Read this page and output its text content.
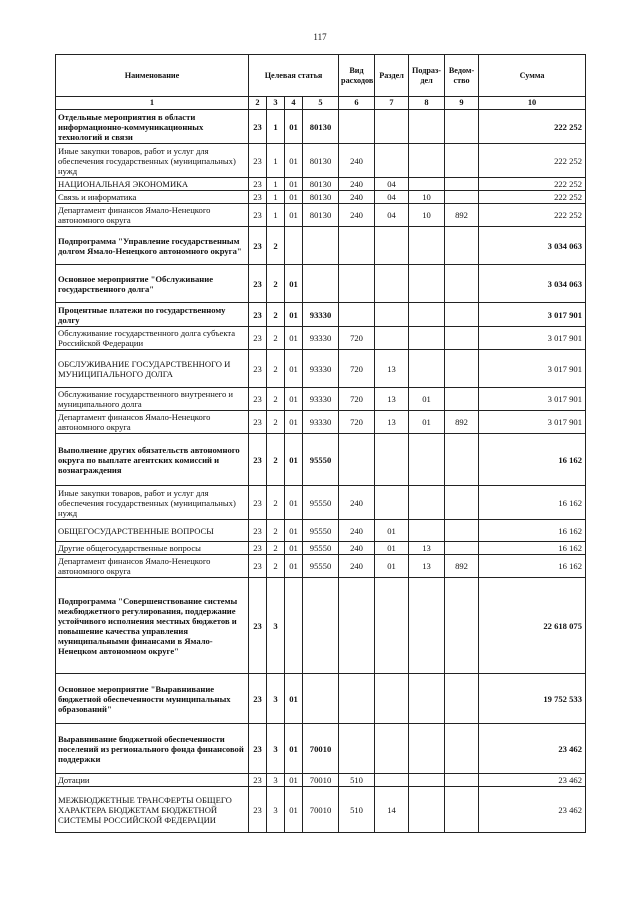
117
Наименование	Целевая статья				Вид расходов	Раздел	Подраз-дел	Ведом-ство	Сумма
1	2	3	4	5	6	7	8	9	10
Отдельные мероприятия в области информационно-коммуникационных технологий и связи	23	1	01	80130					222 252
Иные закупки товаров, работ и услуг для обеспечения государственных (муниципальных) нужд	23	1	01	80130	240				222 252
НАЦИОНАЛЬНАЯ ЭКОНОМИКА	23	1	01	80130	240	04			222 252
Связь и информатика	23	1	01	80130	240	04	10		222 252
Департамент финансов Ямало-Ненецкого автономного округа	23	1	01	80130	240	04	10	892	222 252
Подпрограмма "Управление государственным долгом Ямало-Ненецкого автономного округа"	23	2							3 034 063
Основное мероприятие "Обслуживание государственного долга"	23	2	01						3 034 063
Процентные платежи по государственному долгу	23	2	01	93330					3 017 901
Обслуживание государственного долга субъекта Российской Федерации	23	2	01	93330	720				3 017 901
ОБСЛУЖИВАНИЕ ГОСУДАРСТВЕННОГО И МУНИЦИПАЛЬНОГО ДОЛГА	23	2	01	93330	720	13			3 017 901
Обслуживание государственного внутреннего и муниципального долга	23	2	01	93330	720	13	01		3 017 901
Департамент финансов Ямало-Ненецкого автономного округа	23	2	01	93330	720	13	01	892	3 017 901
Выполнение других обязательств автономного округа по выплате агентских комиссий и вознаграждения	23	2	01	95550					16 162
Иные закупки товаров, работ и услуг для обеспечения государственных (муниципальных) нужд	23	2	01	95550	240				16 162
ОБЩЕГОСУДАРСТВЕННЫЕ ВОПРОСЫ	23	2	01	95550	240	01			16 162
Другие общегосударственные вопросы	23	2	01	95550	240	01	13		16 162
Департамент финансов Ямало-Ненецкого автономного округа	23	2	01	95550	240	01	13	892	16 162
Подпрограмма "Совершенствование системы межбюджетного регулирования, поддержание устойчивого исполнения местных бюджетов и повышение качества управления муниципальными финансами в Ямало-Ненецком автономном округе"	23	3							22 618 075
Основное мероприятие "Выравнивание бюджетной обеспеченности муниципальных образований"	23	3	01						19 752 533
Выравнивание бюджетной обеспеченности поселений из регионального фонда финансовой поддержки	23	3	01	70010					23 462
Дотации	23	3	01	70010	510				23 462
МЕЖБЮДЖЕТНЫЕ ТРАНСФЕРТЫ ОБЩЕГО ХАРАКТЕРА БЮДЖЕТАМ БЮДЖЕТНОЙ СИСТЕМЫ РОССИЙСКОЙ ФЕДЕРАЦИИ	23	3	01	70010	510	14			23 462
